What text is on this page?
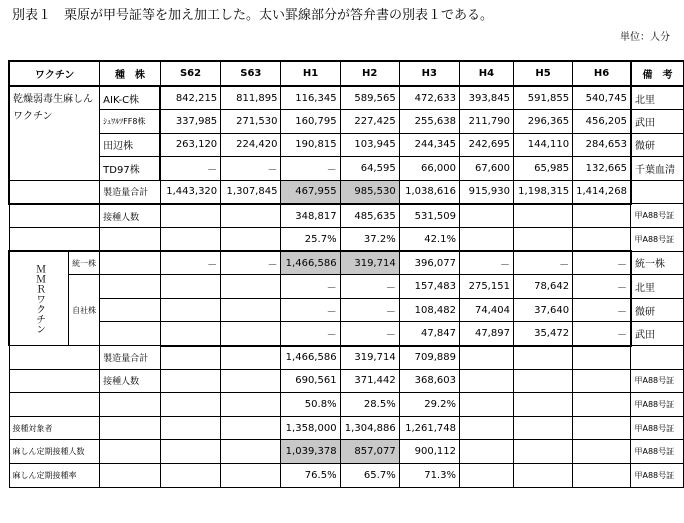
別表１　栗原が甲号証等を加え加工した。太い罫線部分が答弁書の別表１である。
単位：人分
ワクチン		種　株	S62	S63	H1	H2	H3	H4	H5	H6	備　考
乾燥弱毒生麻しんワクチン		AIK-C株	842,215	811,895	116,345	589,565	472,633	393,845	591,855	540,745	北里
		ｼｭﾜﾙﾂFF8株	337,985	271,530	160,795	227,425	255,638	211,790	296,365	456,205	武田
		田辺株	263,120	224,420	190,815	103,945	244,345	242,695	144,110	284,653	微研
		TD97株	－	－	－	64,595	66,000	67,600	65,985	132,665	千葉血清
		製造量合計	1,443,320	1,307,845	467,955	985,530	1,038,616	915,930	1,198,315	1,414,268	
		接種人数			348,817	485,635	531,509				甲A88号証
					25.7%	37.2%	42.1%				甲A88号証
ＭＭＲワクチン	統一株		－	－	1,466,586	319,714	396,077	－	－	－	統一株
	自社株				－	－	157,483	275,151	78,642	－	北里
					－	－	108,482	74,404	37,640	－	微研
					－	－	47,847	47,897	35,472	－	武田
		製造量合計			1,466,586	319,714	709,889				
		接種人数			690,561	371,442	368,603				甲A88号証
					50.8%	28.5%	29.2%				甲A88号証
接種対象者					1,358,000	1,304,886	1,261,748				甲A88号証
麻しん定期接種人数					1,039,378	857,077	900,112				甲A88号証
麻しん定期接種率					76.5%	65.7%	71.3%				甲A88号証
